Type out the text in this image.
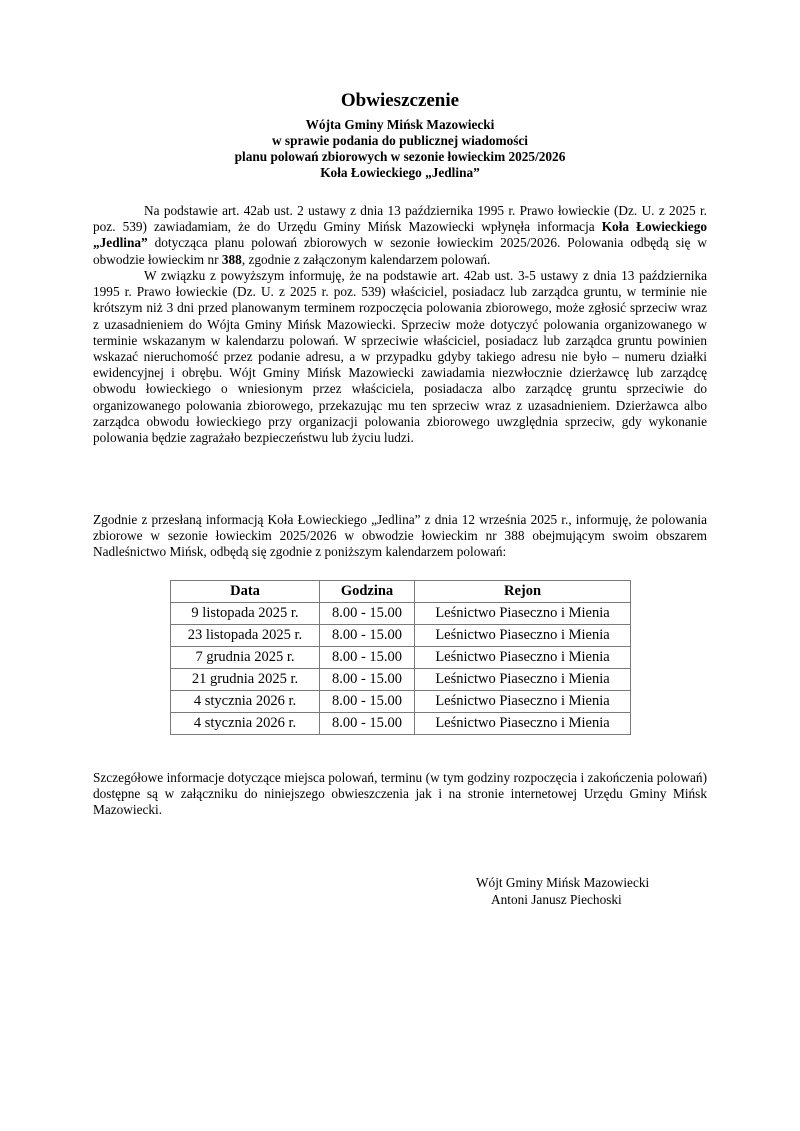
Obwieszczenie
Wójta Gminy Mińsk Mazowiecki
w sprawie podania do publicznej wiadomości
planu polowań zbiorowych w sezonie łowieckim 2025/2026
Koła Łowieckiego „Jedlina”

Na podstawie art. 42ab ust. 2 ustawy z dnia 13 października 1995 r. Prawo łowieckie (Dz. U. z 2025 r. poz. 539) zawiadamiam, że do Urzędu Gminy Mińsk Mazowiecki wpłynęła informacja Koła Łowieckiego „Jedlina” dotycząca planu polowań zbiorowych w sezonie łowieckim 2025/2026. Polowania odbędą się w obwodzie łowieckim nr 388, zgodnie z załączonym kalendarzem polowań.

W związku z powyższym informuję, że na podstawie art. 42ab ust. 3-5 ustawy z dnia 13 października 1995 r. Prawo łowieckie (Dz. U. z 2025 r. poz. 539) właściciel, posiadacz lub zarządca gruntu, w terminie nie krótszym niż 3 dni przed planowanym terminem rozpoczęcia polowania zbiorowego, może zgłosić sprzeciw wraz z uzasadnieniem do Wójta Gminy Mińsk Mazowiecki. Sprzeciw może dotyczyć polowania organizowanego w terminie wskazanym w kalendarzu polowań. W sprzeciwie właściciel, posiadacz lub zarządca gruntu powinien wskazać nieruchomość przez podanie adresu, a w przypadku gdyby takiego adresu nie było – numeru działki ewidencyjnej i obrębu. Wójt Gminy Mińsk Mazowiecki zawiadamia niezwłocznie dzierżawcę lub zarządcę obwodu łowieckiego o wniesionym przez właściciela, posiadacza albo zarządcę gruntu sprzeciwie do organizowanego polowania zbiorowego, przekazując mu ten sprzeciw wraz z uzasadnieniem. Dzierżawca albo zarządca obwodu łowieckiego przy organizacji polowania zbiorowego uwzględnia sprzeciw, gdy wykonanie polowania będzie zagrażało bezpieczeństwu lub życiu ludzi.

Zgodnie z przesłaną informacją Koła Łowieckiego „Jedlina” z dnia 12 września 2025 r., informuję, że polowania zbiorowe w sezonie łowieckim 2025/2026 w obwodzie łowieckim nr 388 obejmującym swoim obszarem Nadleśnictwo Mińsk, odbędą się zgodnie z poniższym kalendarzem polowań:

Data	Godzina	Rejon
9 listopada 2025 r.	8.00 - 15.00	Leśnictwo Piaseczno i Mienia
23 listopada 2025 r.	8.00 - 15.00	Leśnictwo Piaseczno i Mienia
7 grudnia 2025 r.	8.00 - 15.00	Leśnictwo Piaseczno i Mienia
21 grudnia 2025 r.	8.00 - 15.00	Leśnictwo Piaseczno i Mienia
4 stycznia 2026 r.	8.00 - 15.00	Leśnictwo Piaseczno i Mienia
4 stycznia 2026 r.	8.00 - 15.00	Leśnictwo Piaseczno i Mienia

Szczegółowe informacje dotyczące miejsca polowań, terminu (w tym godziny rozpoczęcia i zakończenia polowań) dostępne są w załączniku do niniejszego obwieszczenia jak i na stronie internetowej Urzędu Gminy Mińsk Mazowiecki.

Wójt Gminy Mińsk Mazowiecki
Antoni Janusz Piechoski
